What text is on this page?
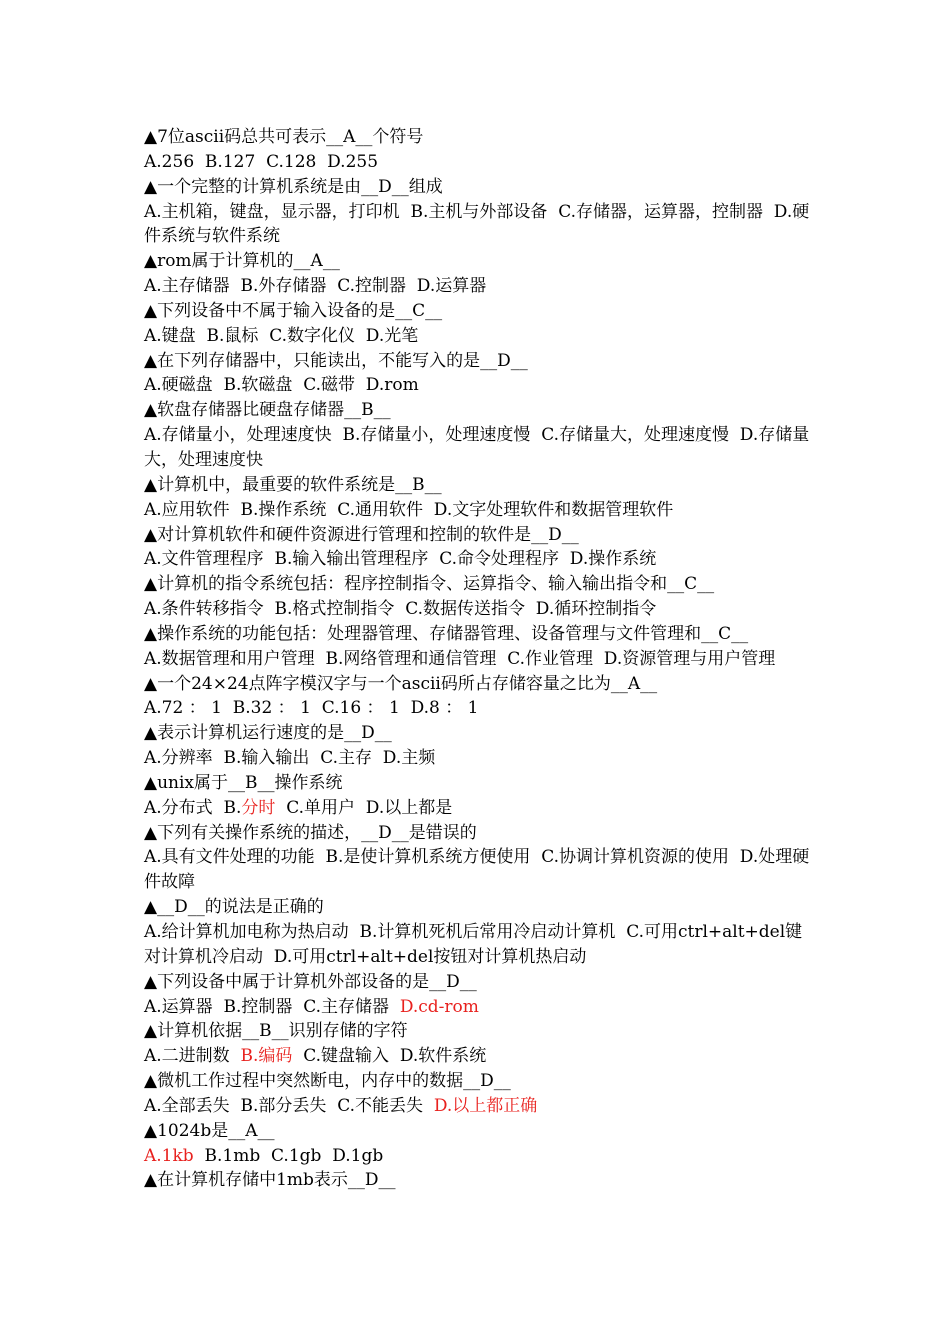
▲7位ascii码总共可表示__A__个符号
A.256  B.127  C.128  D.255
▲一个完整的计算机系统是由__D__组成
A.主机箱，键盘，显示器，打印机  B.主机与外部设备  C.存储器，运算器，控制器  D.硬件系统与软件系统
▲rom属于计算机的__A__
A.主存储器  B.外存储器  C.控制器  D.运算器
▲下列设备中不属于输入设备的是__C__
A.键盘  B.鼠标  C.数字化仪  D.光笔
▲在下列存储器中，只能读出，不能写入的是__D__
A.硬磁盘  B.软磁盘  C.磁带  D.rom
▲软盘存储器比硬盘存储器__B__
A.存储量小，处理速度快  B.存储量小，处理速度慢  C.存储量大，处理速度慢  D.存储量大，处理速度快
▲计算机中，最重要的软件系统是__B__
A.应用软件  B.操作系统  C.通用软件  D.文字处理软件和数据管理软件
▲对计算机软件和硬件资源进行管理和控制的软件是__D__
A.文件管理程序  B.输入输出管理程序  C.命令处理程序  D.操作系统
▲计算机的指令系统包括：程序控制指令、运算指令、输入输出指令和__C__
A.条件转移指令  B.格式控制指令  C.数据传送指令  D.循环控制指令
▲操作系统的功能包括：处理器管理、存储器管理、设备管理与文件管理和__C__
A.数据管理和用户管理  B.网络管理和通信管理  C.作业管理  D.资源管理与用户管理
▲一个24×24点阵字模汉字与一个ascii码所占存储容量之比为__A__
A.72 ： 1  B.32 ： 1  C.16 ： 1  D.8 ： 1
▲表示计算机运行速度的是__D__
A.分辨率  B.输入输出  C.主存  D.主频
▲unix属于__B__操作系统
A.分布式  B.分时  C.单用户  D.以上都是
▲下列有关操作系统的描述，__D__是错误的
A.具有文件处理的功能  B.是使计算机系统方便使用  C.协调计算机资源的使用  D.处理硬件故障
▲__D__的说法是正确的
A.给计算机加电称为热启动  B.计算机死机后常用冷启动计算机  C.可用ctrl+alt+del键对计算机冷启动  D.可用ctrl+alt+del按钮对计算机热启动
▲下列设备中属于计算机外部设备的是__D__
A.运算器  B.控制器  C.主存储器  D.cd-rom
▲计算机依据__B__识别存储的字符
A.二进制数  B.编码  C.键盘输入  D.软件系统
▲微机工作过程中突然断电，内存中的数据__D__
A.全部丢失  B.部分丢失  C.不能丢失  D.以上都正确
▲1024b是__A__
A.1kb  B.1mb  C.1gb  D.1gb
▲在计算机存储中1mb表示__D__
